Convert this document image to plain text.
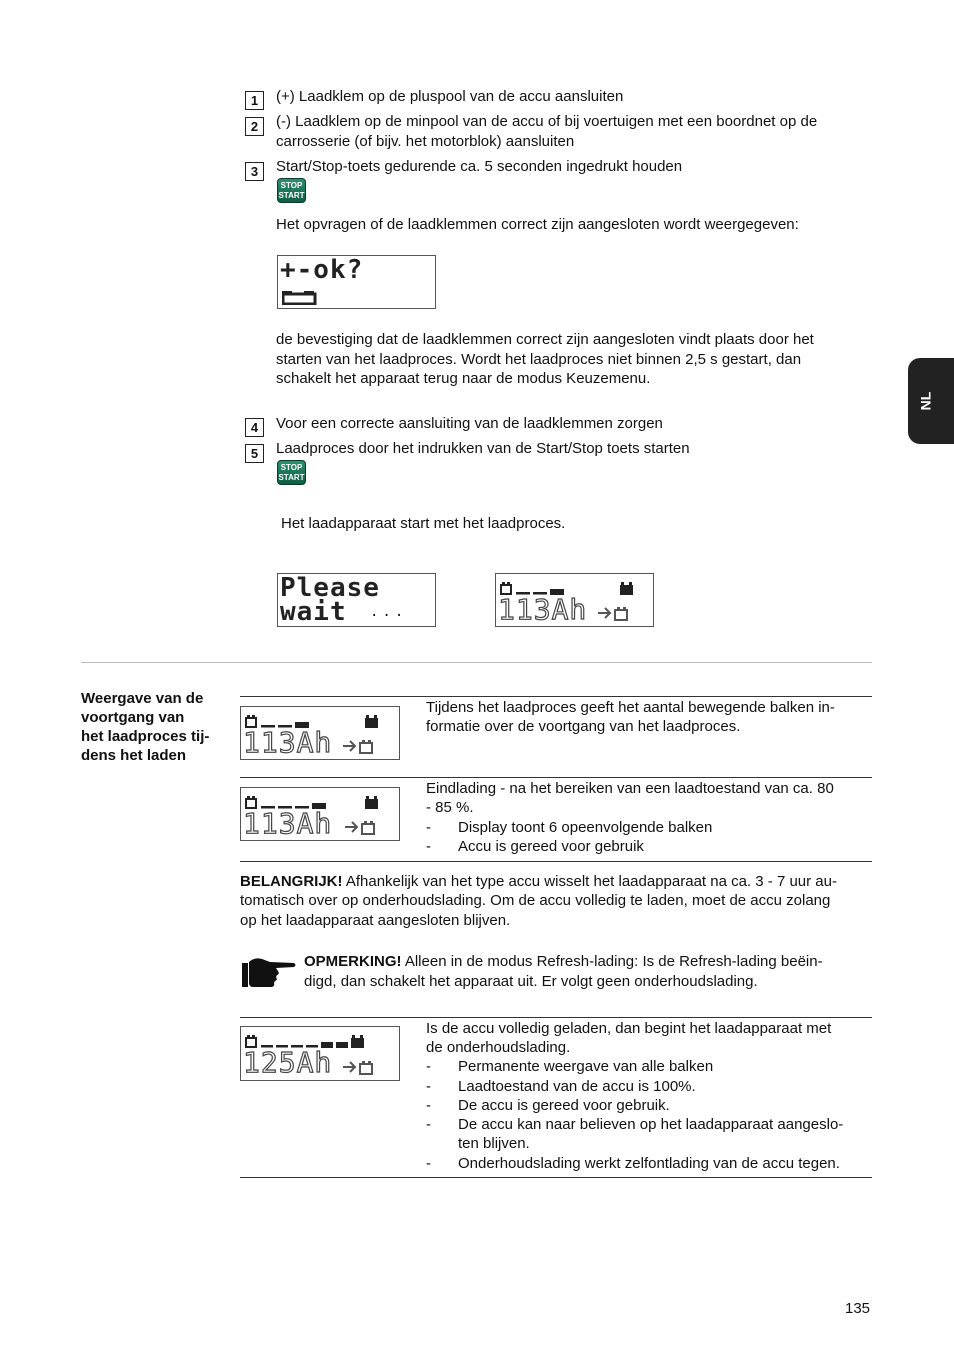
NL
1	(+) Laadklem op de pluspool van de accu aansluiten
2	(-) Laadklem op de minpool van de accu of bij voertuigen met een boordnet op de
carrosserie (of bijv. het motorblok) aansluiten
3	Start/Stop-toets gedurende ca. 5 seconden ingedrukt houden
STOP
START
Het opvragen of de laadklemmen correct zijn aangesloten wordt weergegeven:
+-ok?
de bevestiging dat de laadklemmen correct zijn aangesloten vindt plaats door het
starten van het laadproces. Wordt het laadproces niet binnen 2,5 s gestart, dan
schakelt het apparaat terug naar de modus Keuzemenu.
4	Voor een correcte aansluiting van de laadklemmen zorgen
5	Laadproces door het indrukken van de Start/Stop toets starten
STOP
START
Het laadapparaat start met het laadproces.
Please
wait ...	113Ah
Weergave van de
voortgang van
het laadproces tij-
dens het laden 113Ah
Tijdens het laadproces geeft het aantal bewegende balken in-
formatie over de voortgang van het laadproces.
113Ah
Eindlading - na het bereiken van een laadtoestand van ca. 80
- 85 %.
- Display toont 6 opeenvolgende balken
- Accu is gereed voor gebruik
BELANGRIJK! Afhankelijk van het type accu wisselt het laadapparaat na ca. 3 - 7 uur au-
tomatisch over op onderhoudslading. Om de accu volledig te laden, moet de accu zolang
op het laadapparaat aangesloten blijven.
OPMERKING! Alleen in de modus Refresh-lading: Is de Refresh-lading beëin-
digd, dan schakelt het apparaat uit. Er volgt geen onderhoudslading.
125Ah
Is de accu volledig geladen, dan begint het laadapparaat met
de onderhoudslading.
- Permanente weergave van alle balken
- Laadtoestand van de accu is 100%.
- De accu is gereed voor gebruik.
- De accu kan naar believen op het laadapparaat aangeslo-
ten blijven.
- Onderhoudslading werkt zelfontlading van de accu tegen.
135
